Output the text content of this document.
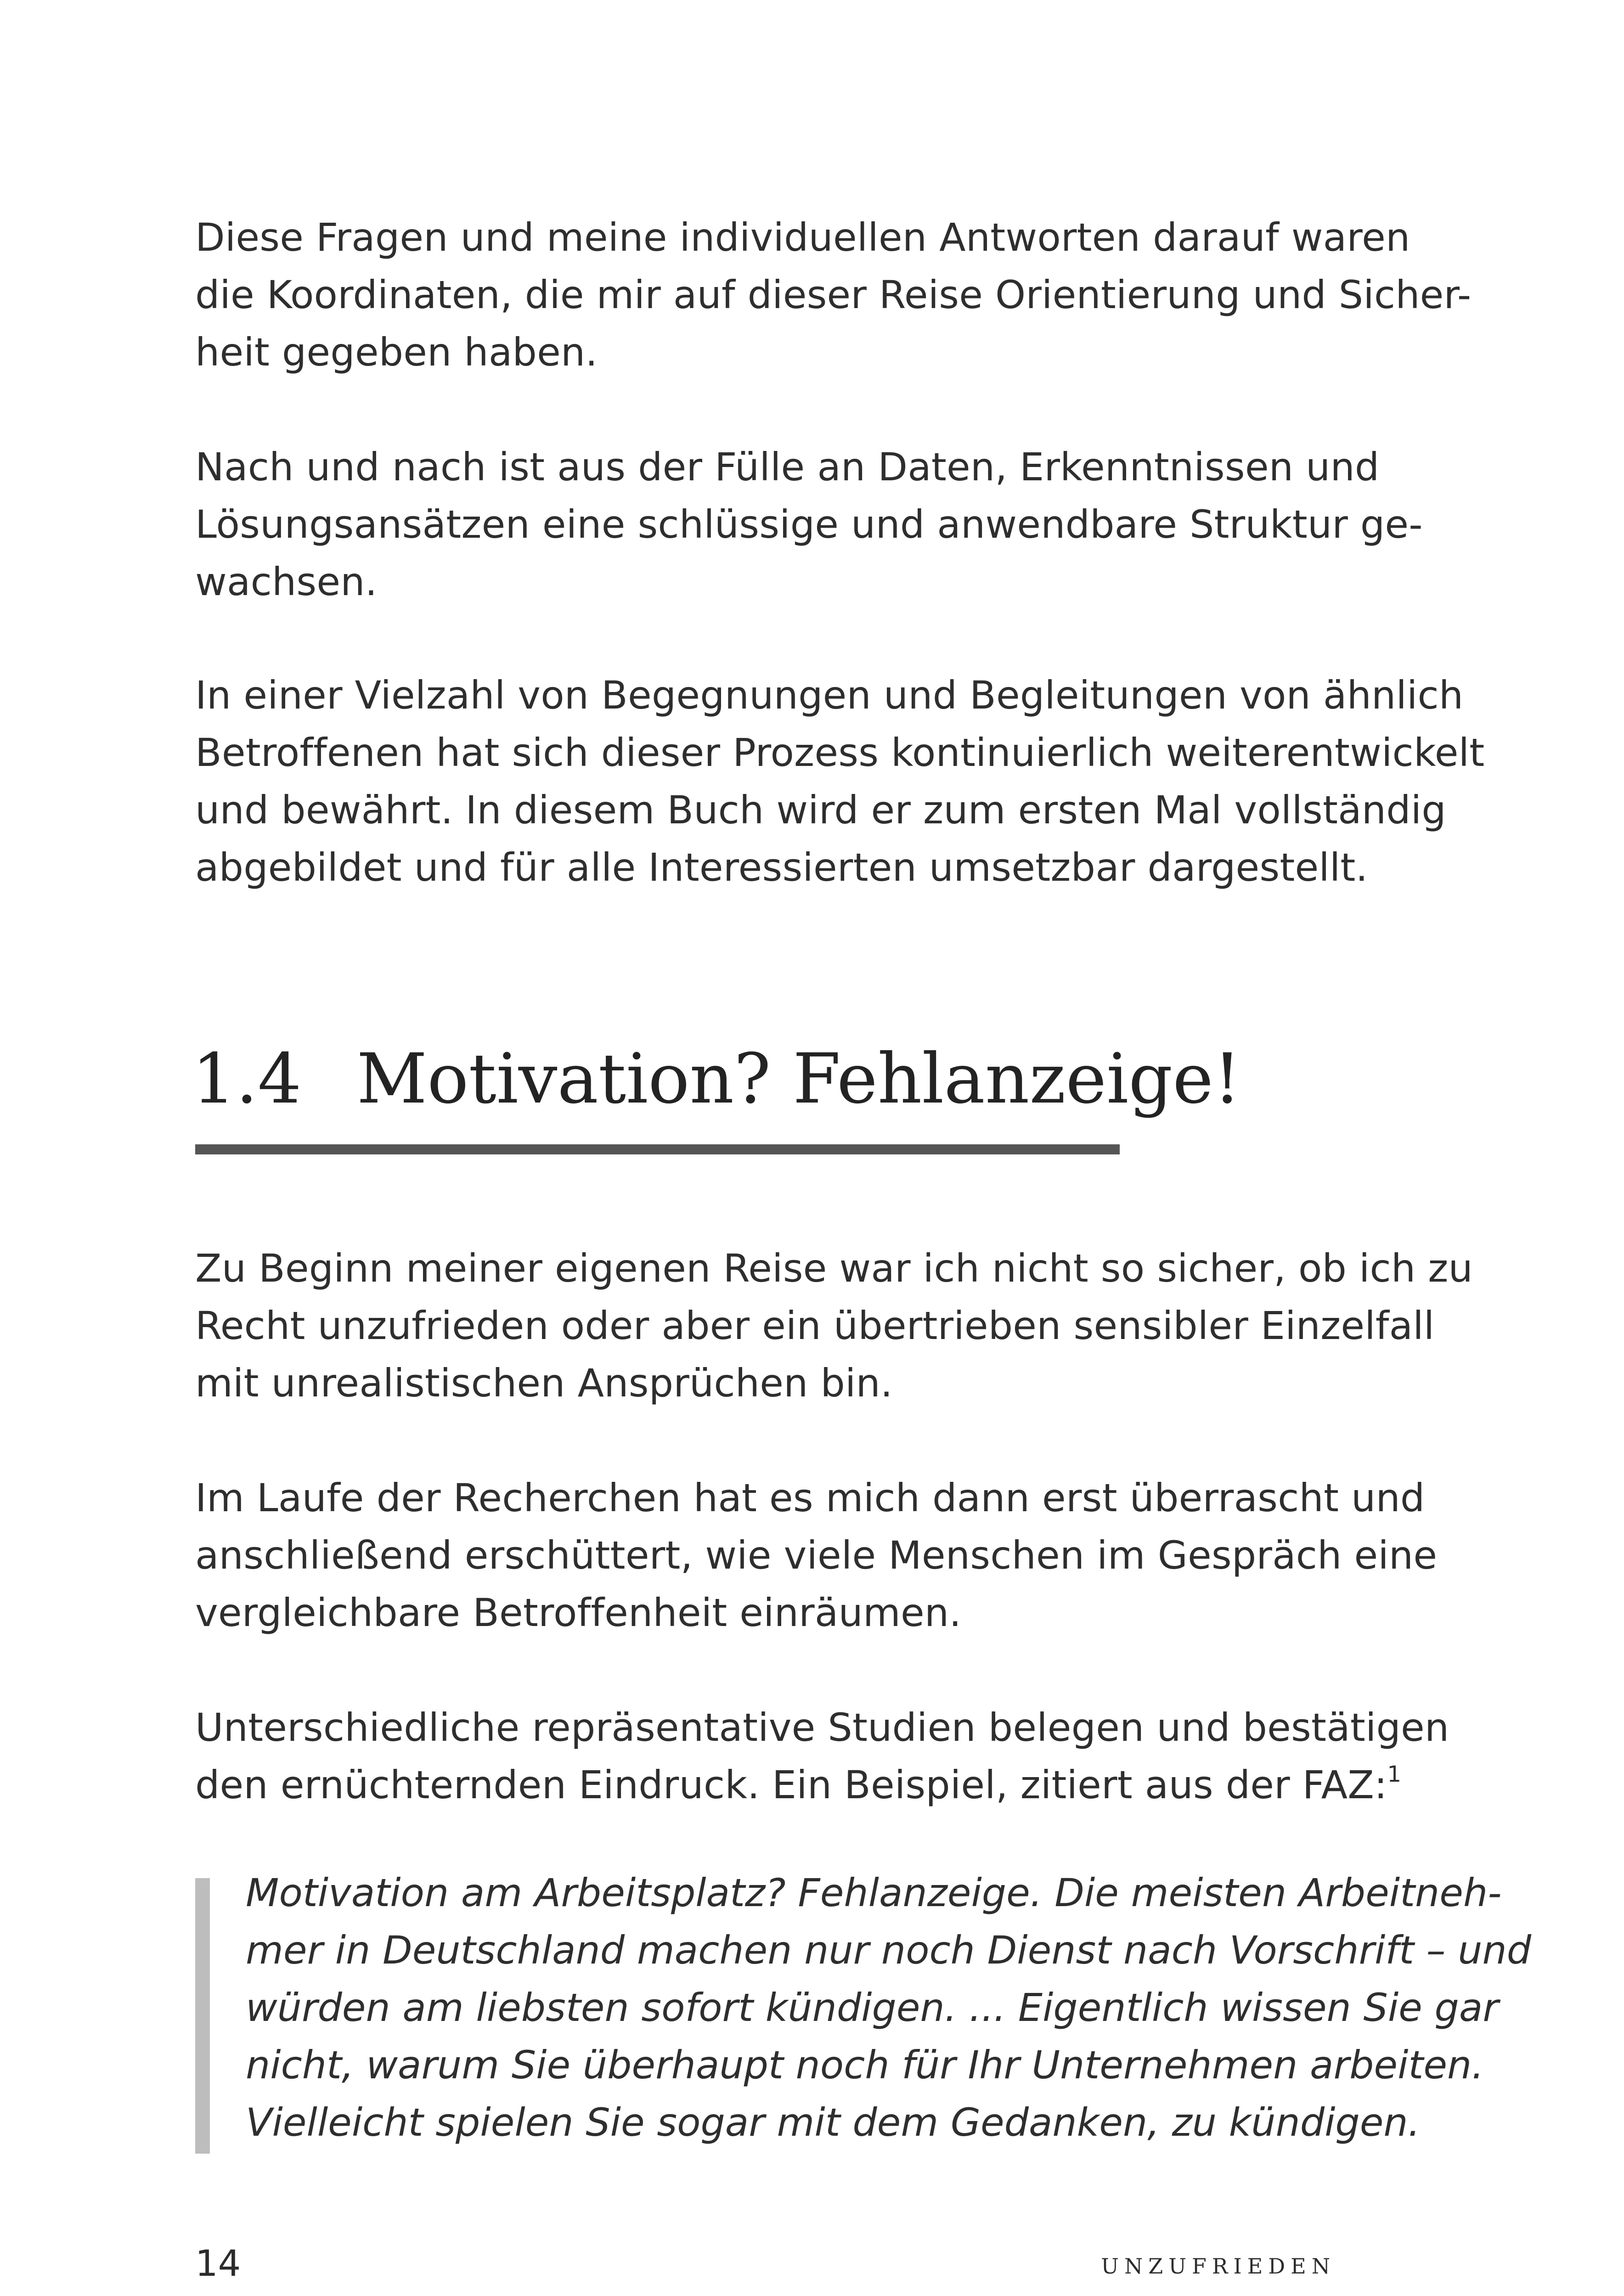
Diese Fragen und meine individuellen Antworten darauf waren
die Koordinaten, die mir auf dieser Reise Orientierung und Sicher-
heit gegeben haben.

Nach und nach ist aus der Fülle an Daten, Erkenntnissen und
Lösungsansätzen eine schlüssige und anwendbare Struktur ge-
wachsen.

In einer Vielzahl von Begegnungen und Begleitungen von ähnlich
Betroffenen hat sich dieser Prozess kontinuierlich weiterentwickelt
und bewährt. In diesem Buch wird er zum ersten Mal vollständig
abgebildet und für alle Interessierten umsetzbar dargestellt.

1.4 Motivation? Fehlanzeige!

Zu Beginn meiner eigenen Reise war ich nicht so sicher, ob ich zu
Recht unzufrieden oder aber ein übertrieben sensibler Einzelfall
mit unrealistischen Ansprüchen bin.

Im Laufe der Recherchen hat es mich dann erst überrascht und
anschließend erschüttert, wie viele Menschen im Gespräch eine
vergleichbare Betroffenheit einräumen.

Unterschiedliche repräsentative Studien belegen und bestätigen
den ernüchternden Eindruck. Ein Beispiel, zitiert aus der FAZ:$^1$

Motivation am Arbeitsplatz? Fehlanzeige. Die meisten Arbeitneh-
mer in Deutschland machen nur noch Dienst nach Vorschrift – und
würden am liebsten sofort kündigen. ... Eigentlich wissen Sie gar
nicht, warum Sie überhaupt noch für Ihr Unternehmen arbeiten.
Vielleicht spielen Sie sogar mit dem Gedanken, zu kündigen.

14	UNZUFRIEDEN
